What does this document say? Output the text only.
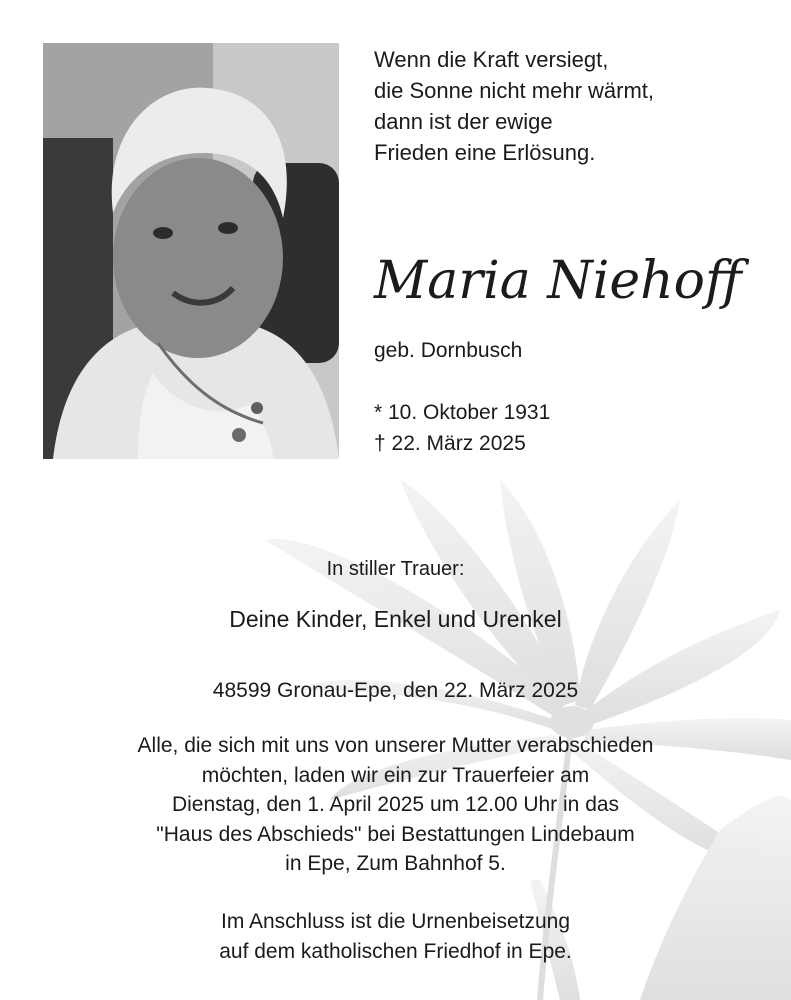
Wenn die Kraft versiegt,
die Sonne nicht mehr wärmt,
dann ist der ewige
Frieden eine Erlösung.
Maria Niehoff
geb. Dornbusch
* 10. Oktober 1931
† 22. März 2025
In stiller Trauer:
Deine Kinder, Enkel und Urenkel
48599 Gronau-Epe, den 22. März 2025
Alle, die sich mit uns von unserer Mutter verabschieden
möchten, laden wir ein zur Trauerfeier am
Dienstag, den 1. April 2025 um 12.00 Uhr in das
"Haus des Abschieds" bei Bestattungen Lindebaum
in Epe, Zum Bahnhof 5.
Im Anschluss ist die Urnenbeisetzung
auf dem katholischen Friedhof in Epe.
